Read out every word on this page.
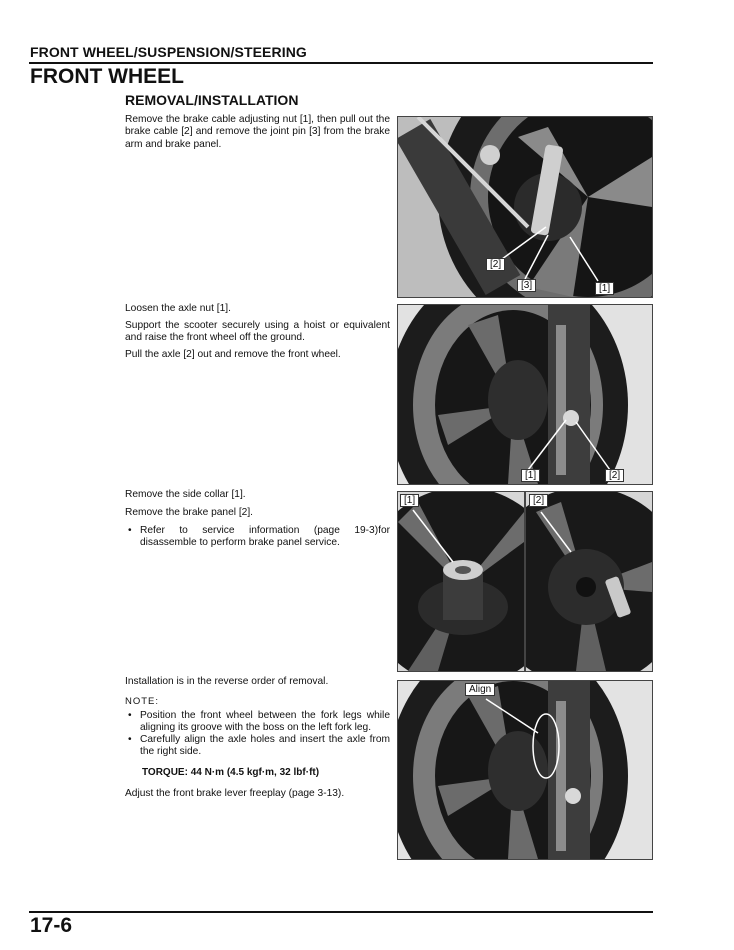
FRONT WHEEL/SUSPENSION/STEERING
FRONT WHEEL
REMOVAL/INSTALLATION
Remove the brake cable adjusting nut [1], then pull out the brake cable [2] and remove the joint pin [3] from the brake arm and brake panel.
[2]
[3]	[1]
Loosen the axle nut [1].
Support the scooter securely using a hoist or equivalent and raise the front wheel off the ground.
Pull the axle [2] out and remove the front wheel.
[1]	[2]
Remove the side collar [1].
Remove the brake panel [2].
• Refer to service information (page 19-3)for disassemble to perform brake panel service.
[1]	[2]
Installation is in the reverse order of removal.
NOTE:
• Position the front wheel between the fork legs while aligning its groove with the boss on the left fork leg.
• Carefully align the axle holes and insert the axle from the right side.
TORQUE: 44 N·m (4.5 kgf·m, 32 lbf·ft)
Adjust the front brake lever freeplay (page 3-13).
Align
17-6
